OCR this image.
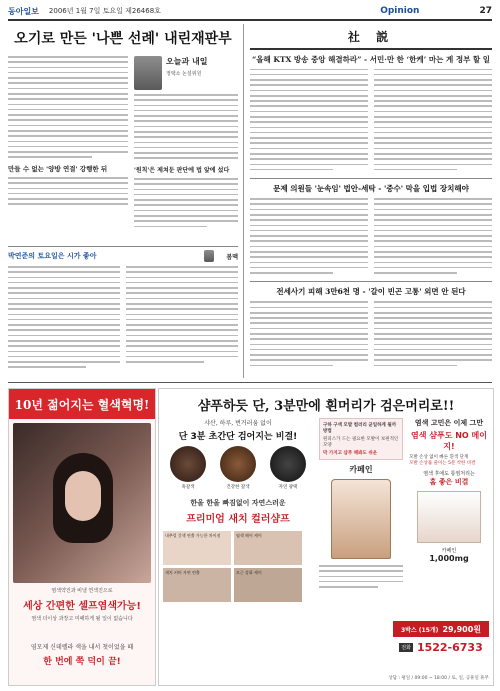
동아일보 2006년 1월 7일 토요일 제26468호	Opinion	27
오기로 만든 '나쁜 선례' 내린재판부
만들 수 없는 '양방 연결' 강행한 뒤
오늘과 내일
정택소 논설위원
'원칙'은 제쳐둔 판단에 법 앞에 섰다
박연준의 토요일은 시가 좋아	봄맥
社 説
“올해 KTX 방송 중앙 해결하라” - 서민·만 한 ‘한케’ 마는 게 정부 할 일
문제 의원들 '눈속임' 법안-세탁 - '중수' 막을 입법 장치해야
전세사기 피해 3만6천 명 - '갈이 빈곤 고통' 외면 안 된다
10년 젊어지는 혈색혁명!
염색약진과 비낼 연색진으로
세상 간편한 셀프염색가능!
염색 더이상 과장고 미패하게 될 일이 없습니다
염모제 신데렐라 색을 내서 첫이었을 때
한 번에 쭉 덕이 끝!
샴푸하듯 단, 3분만에 흰머리가 검은머리로!!
샤산, 하루, 번거러움 없이
단 3분 초간단 검어지는 비결!
흑갈색	건강한 갈색	자연 광택
한올 한올 빠짐없이 자연스러운
프리미엄 새치 컬러샴프
내추럴 갈색 연출 가능한 차이점	염색 헤어 케어
새치 커버 자연 연출	모근 강화 케어
구하 구색 모발 컬러리 균일하게 될까 방법
원피스가 드는 필요한 모발이 보편적인 모양
막 가지고 샴푸 해봐도 쉬운
카페인
염색 고민은 이제 그만
염색 샴푸도 NO 메이지!
모발 손상 없이 빠른 흰색 단계
모발 손상률 줄이는 5분 착한 비결
염색 후에도 통염처리는
홈 좋은 비결
카페인
1,000mg
3박스 (15개) 29,900원
전화 1522-6733
상담 : 평일 / 09:00 ~ 18:00 / 토, 일, 공휴일 휴무
